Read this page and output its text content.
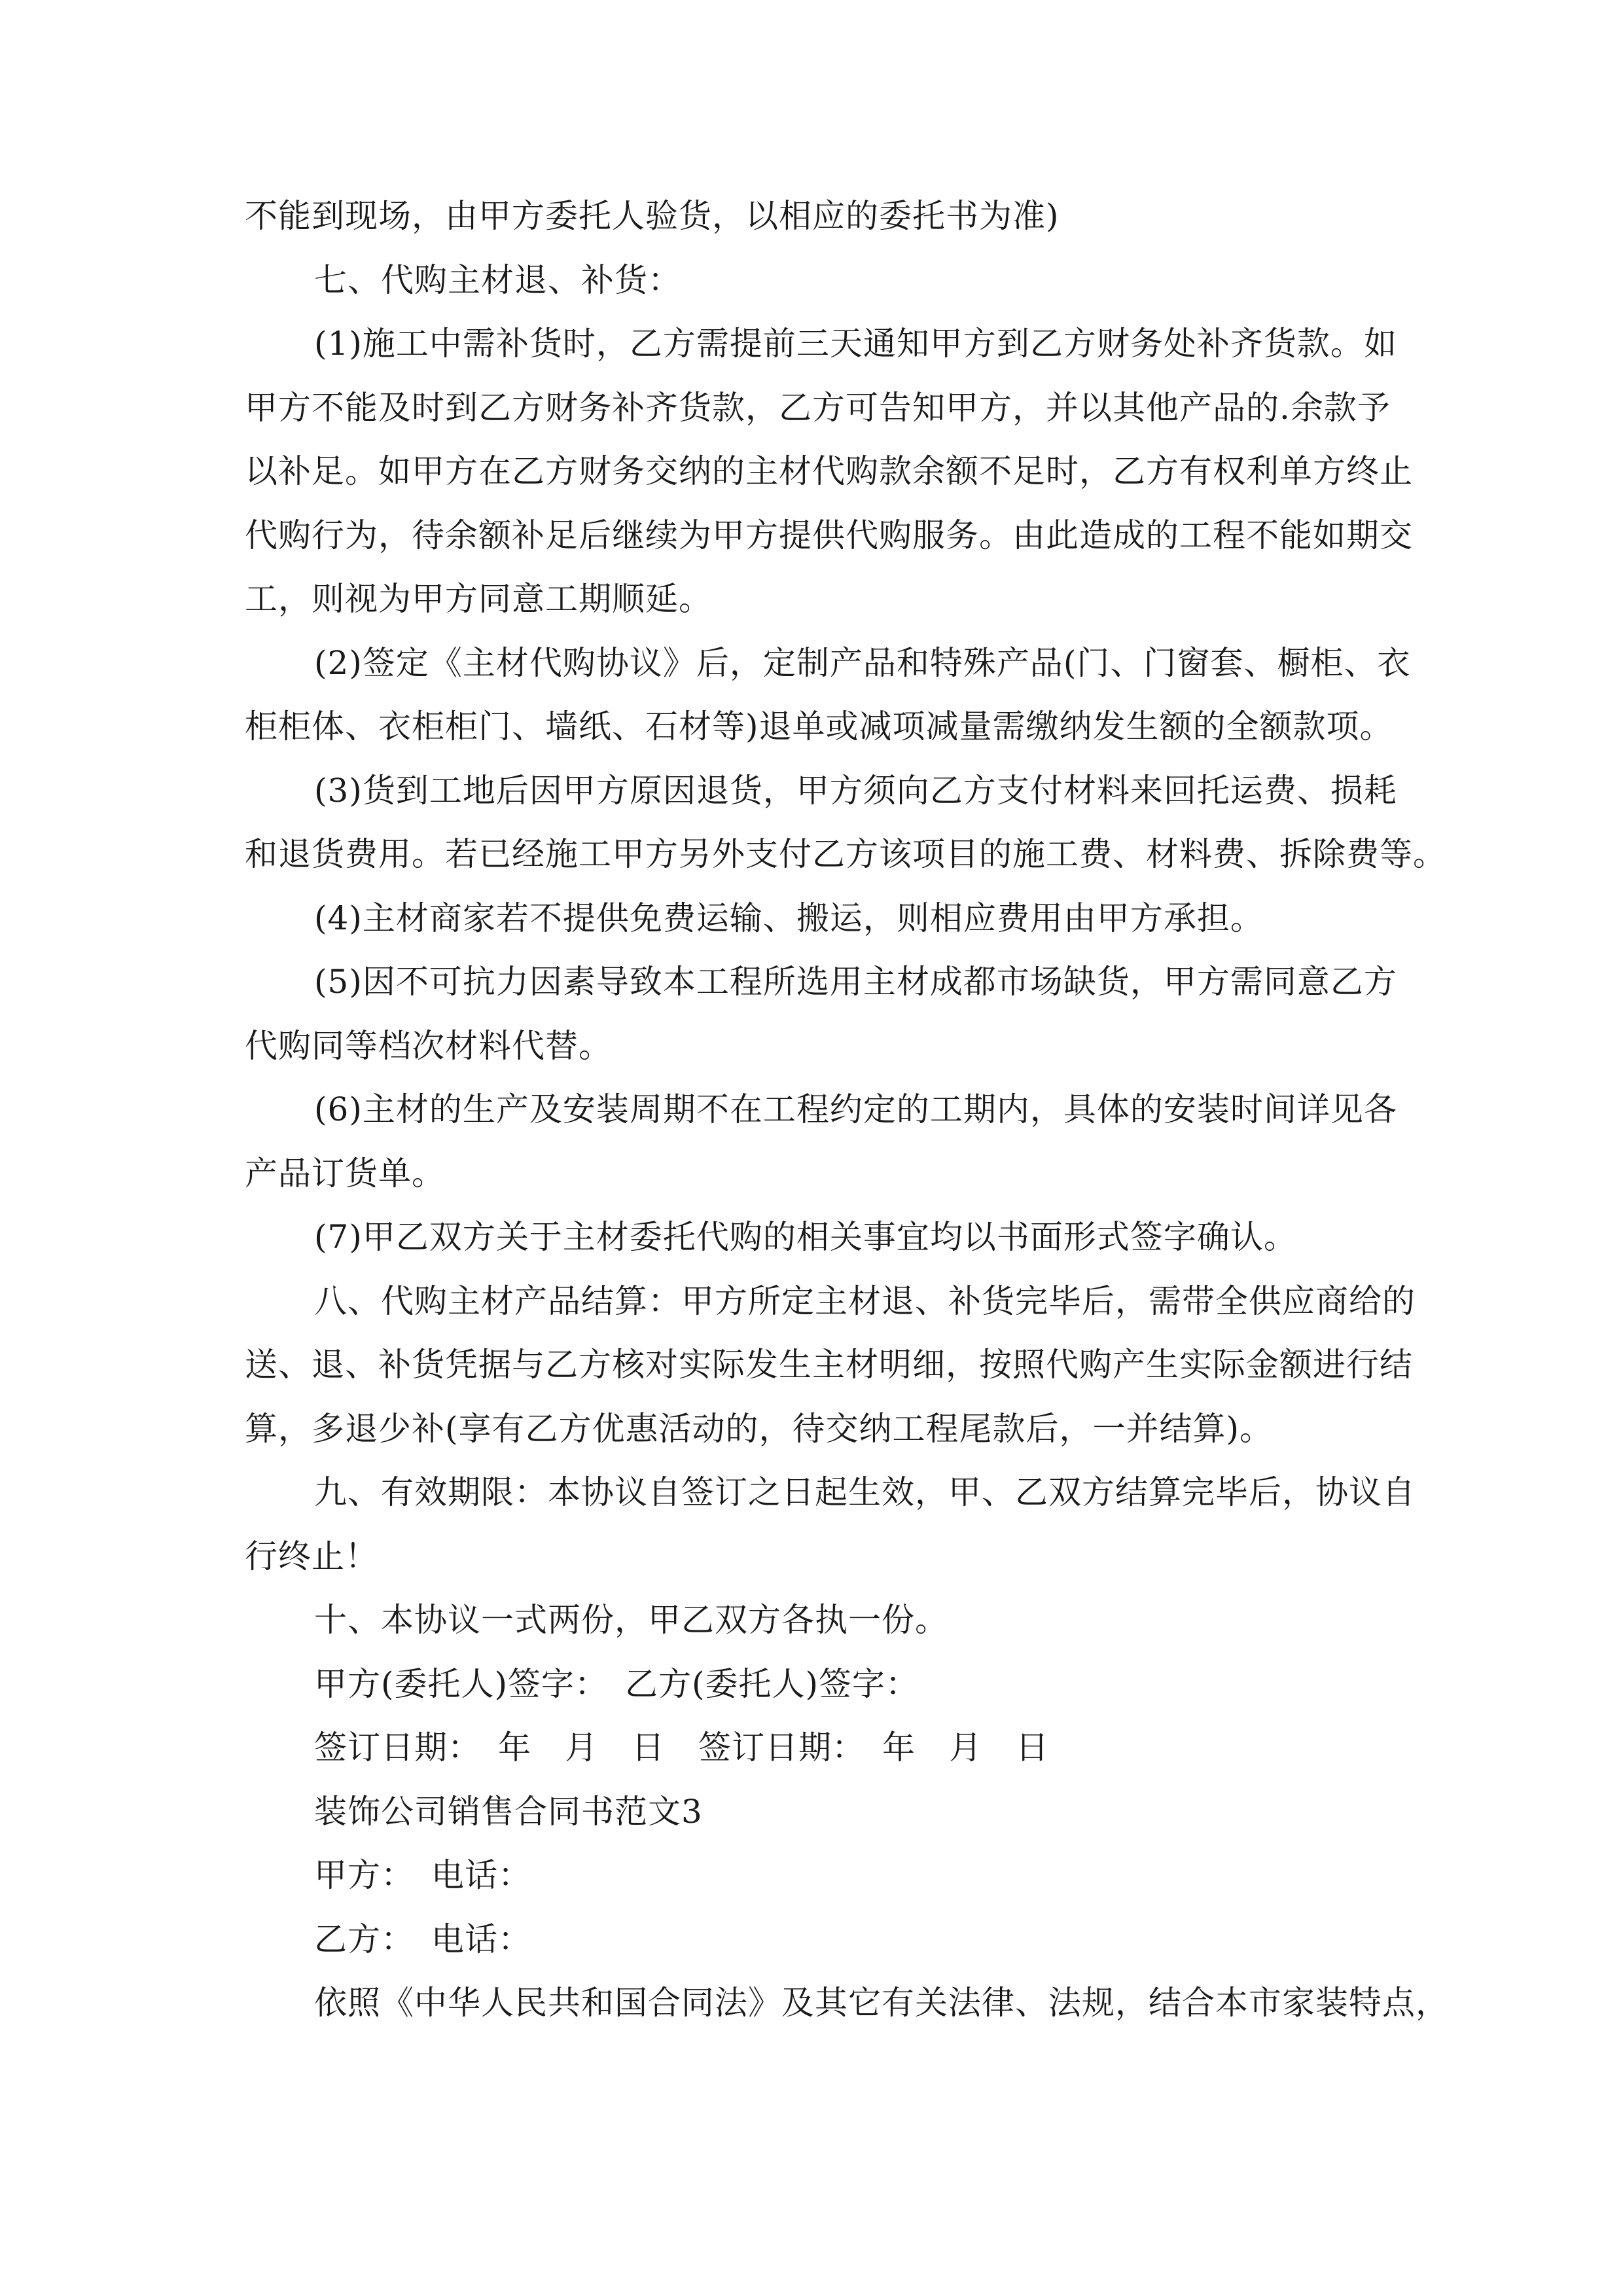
不能到现场，由甲方委托人验货，以相应的委托书为准)
七、代购主材退、补货：
(1)施工中需补货时，乙方需提前三天通知甲方到乙方财务处补齐货款。如
甲方不能及时到乙方财务补齐货款，乙方可告知甲方，并以其他产品的.余款予
以补足。如甲方在乙方财务交纳的主材代购款余额不足时，乙方有权利单方终止
代购行为，待余额补足后继续为甲方提供代购服务。由此造成的工程不能如期交
工，则视为甲方同意工期顺延。
(2)签定《主材代购协议》后，定制产品和特殊产品(门、门窗套、橱柜、衣
柜柜体、衣柜柜门、墙纸、石材等)退单或减项减量需缴纳发生额的全额款项。
(3)货到工地后因甲方原因退货，甲方须向乙方支付材料来回托运费、损耗
和退货费用。若已经施工甲方另外支付乙方该项目的施工费、材料费、拆除费等。
(4)主材商家若不提供免费运输、搬运，则相应费用由甲方承担。
(5)因不可抗力因素导致本工程所选用主材成都市场缺货，甲方需同意乙方
代购同等档次材料代替。
(6)主材的生产及安装周期不在工程约定的工期内，具体的安装时间详见各
产品订货单。
(7)甲乙双方关于主材委托代购的相关事宜均以书面形式签字确认。
八、代购主材产品结算：甲方所定主材退、补货完毕后，需带全供应商给的
送、退、补货凭据与乙方核对实际发生主材明细，按照代购产生实际金额进行结
算，多退少补(享有乙方优惠活动的，待交纳工程尾款后，一并结算)。
九、有效期限：本协议自签订之日起生效，甲、乙双方结算完毕后，协议自
行终止！
十、本协议一式两份，甲乙双方各执一份。
甲方(委托人)签字：　乙方(委托人)签字：
签订日期：　年　月　日　签订日期：　年　月　日
装饰公司销售合同书范文3
甲方：　电话：
乙方：　电话：
依照《中华人民共和国合同法》及其它有关法律、法规，结合本市家装特点，
